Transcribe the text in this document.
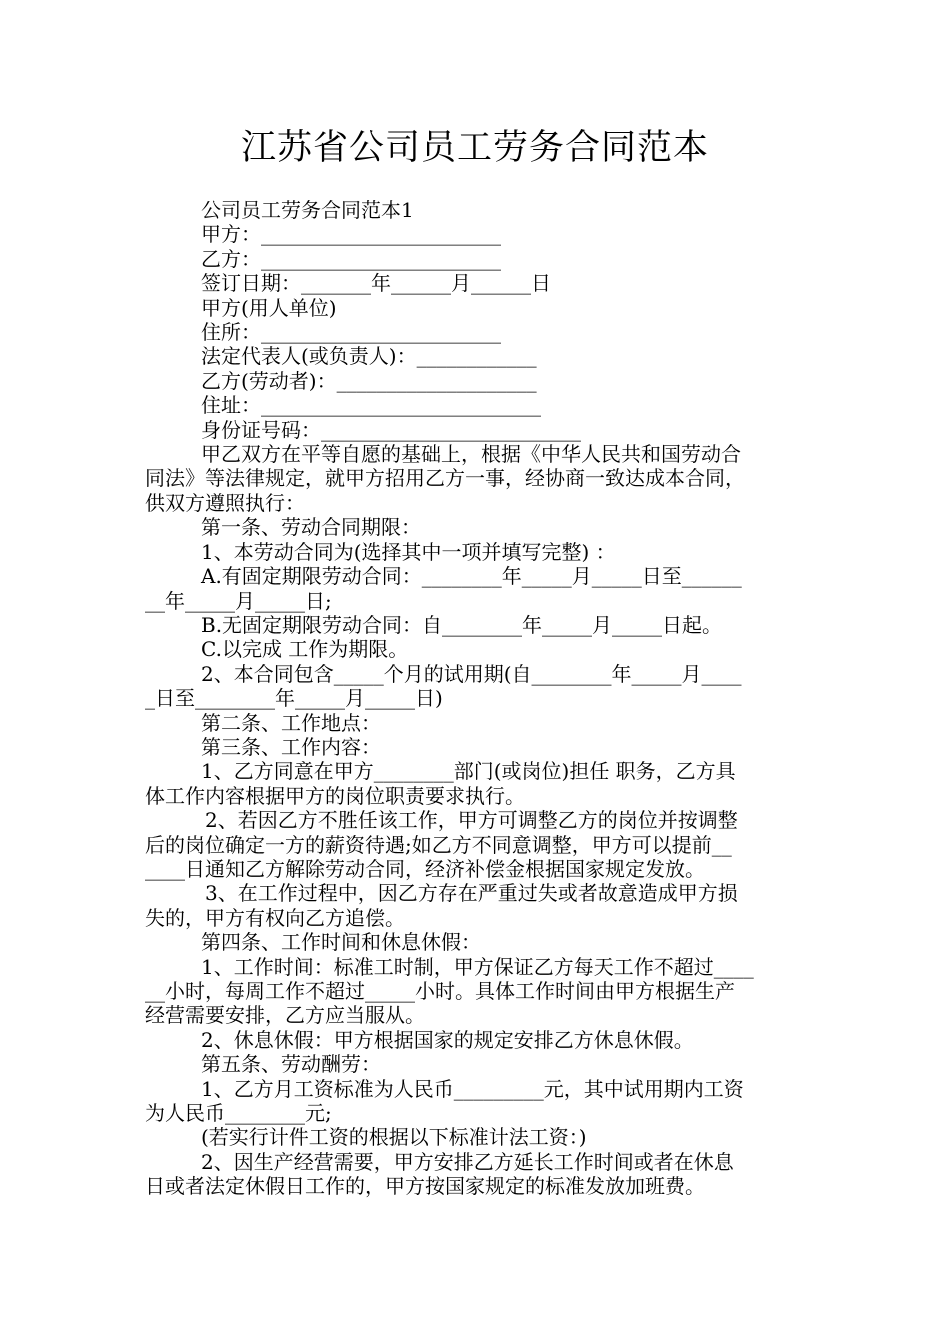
江苏省公司员工劳务合同范本

公司员工劳务合同范本1

甲方：________________________

乙方：________________________

签订日期：_______年______月______日

甲方(用人单位)

住所：________________________

法定代表人(或负责人)：____________

乙方(劳动者)：____________________

住址：____________________________

身份证号码：__________________________

甲乙双方在平等自愿的基础上，根据《中华人民共和国劳动合

同法》等法律规定，就甲方招用乙方一事，经协商一致达成本合同，

供双方遵照执行：

第一条、劳动合同期限：

1、本劳动合同为(选择其中一项并填写完整) ：

A.有固定期限劳动合同：________年_____月_____日至______

__年_____月_____日;

B.无固定期限劳动合同：自________年_____月_____日起。

C.以完成 工作为期限。

2、本合同包含_____个月的试用期(自________年_____月____

_日至________年_____月_____日)

第二条、工作地点：

第三条、工作内容：

1、乙方同意在甲方________部门(或岗位)担任 职务，乙方具

体工作内容根据甲方的岗位职责要求执行。

2、若因乙方不胜任该工作，甲方可调整乙方的岗位并按调整

后的岗位确定一方的薪资待遇;如乙方不同意调整，甲方可以提前__

____日通知乙方解除劳动合同，经济补偿金根据国家规定发放。

3、在工作过程中，因乙方存在严重过失或者故意造成甲方损

失的，甲方有权向乙方追偿。

第四条、工作时间和休息休假：

1、工作时间：标准工时制，甲方保证乙方每天工作不超过____

__小时，每周工作不超过_____小时。具体工作时间由甲方根据生产

经营需要安排，乙方应当服从。

2、休息休假：甲方根据国家的规定安排乙方休息休假。

第五条、劳动酬劳：

1、乙方月工资标准为人民币_________元，其中试用期内工资

为人民币________元;

(若实行计件工资的根据以下标准计法工资：)

2、因生产经营需要，甲方安排乙方延长工作时间或者在休息

日或者法定休假日工作的，甲方按国家规定的标准发放加班费。
